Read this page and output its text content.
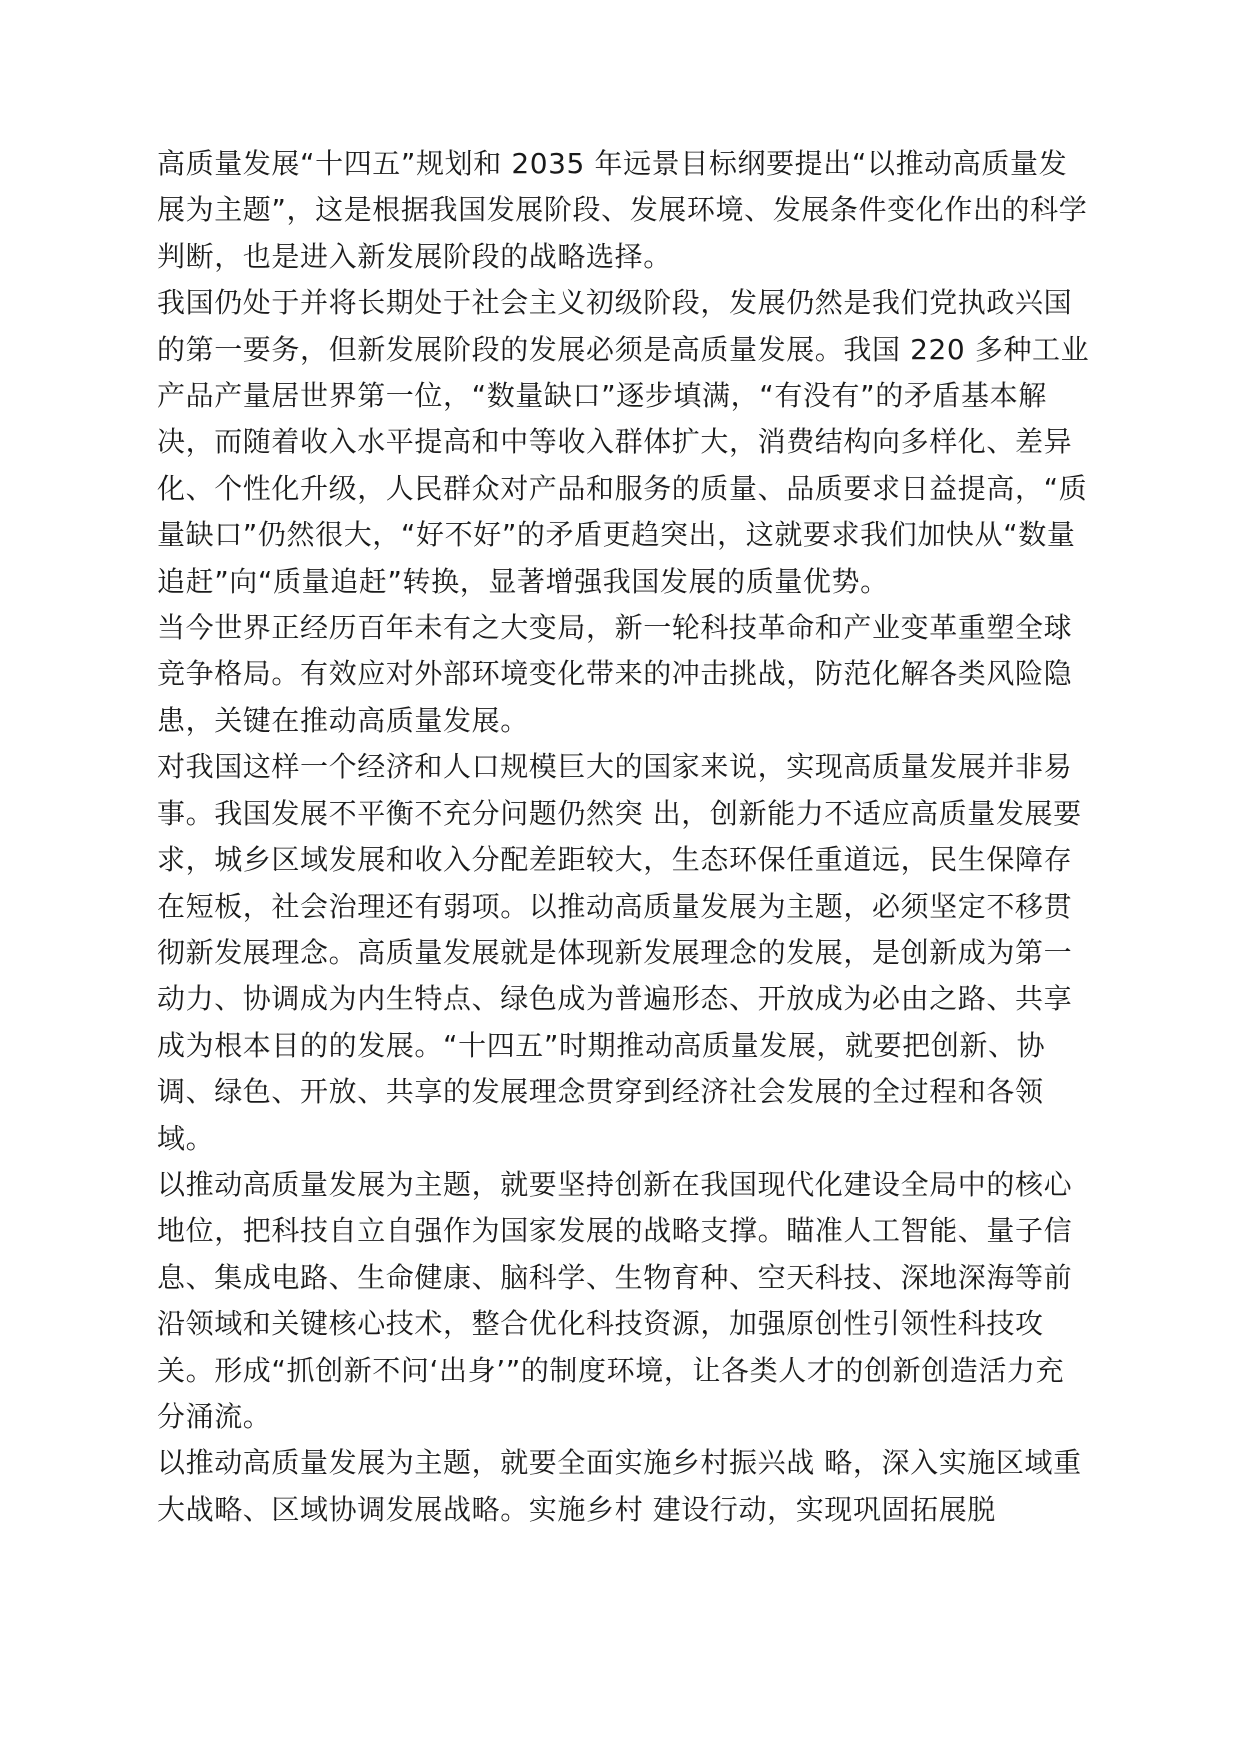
高质量发展“十四五”规划和 2035 年远景目标纲要提出“以推动高质量发展为主题”，这是根据我国发展阶段、发展环境、发展条件变化作出的科学判断，也是进入新发展阶段的战略选择。

我国仍处于并将长期处于社会主义初级阶段，发展仍然是我们党执政兴国的第一要务，但新发展阶段的发展必须是高质量发展。我国 220 多种工业产品产量居世界第一位，“数量缺口”逐步填满，“有没有”的矛盾基本解决，而随着收入水平提高和中等收入群体扩大，消费结构向多样化、差异化、个性化升级，人民群众对产品和服务的质量、品质要求日益提高，“质量缺口”仍然很大，“好不好”的矛盾更趋突出，这就要求我们加快从“数量追赶”向“质量追赶”转换，显著增强我国发展的质量优势。

当今世界正经历百年未有之大变局，新一轮科技革命和产业变革重塑全球竞争格局。有效应对外部环境变化带来的冲击挑战，防范化解各类风险隐患，关键在推动高质量发展。

对我国这样一个经济和人口规模巨大的国家来说，实现高质量发展并非易事。我国发展不平衡不充分问题仍然突 出，创新能力不适应高质量发展要求，城乡区域发展和收入分配差距较大，生态环保任重道远，民生保障存在短板，社会治理还有弱项。以推动高质量发展为主题，必须坚定不移贯彻新发展理念。高质量发展就是体现新发展理念的发展，是创新成为第一动力、协调成为内生特点、绿色成为普遍形态、开放成为必由之路、共享成为根本目的的发展。“十四五”时期推动高质量发展，就要把创新、协调、绿色、开放、共享的发展理念贯穿到经济社会发展的全过程和各领域。

以推动高质量发展为主题，就要坚持创新在我国现代化建设全局中的核心地位，把科技自立自强作为国家发展的战略支撑。瞄准人工智能、量子信息、集成电路、生命健康、脑科学、生物育种、空天科技、深地深海等前沿领域和关键核心技术，整合优化科技资源，加强原创性引领性科技攻关。形成“抓创新不问‘出身’”的制度环境，让各类人才的创新创造活力充分涌流。

以推动高质量发展为主题，就要全面实施乡村振兴战 略，深入实施区域重大战略、区域协调发展战略。实施乡村 建设行动，实现巩固拓展脱
